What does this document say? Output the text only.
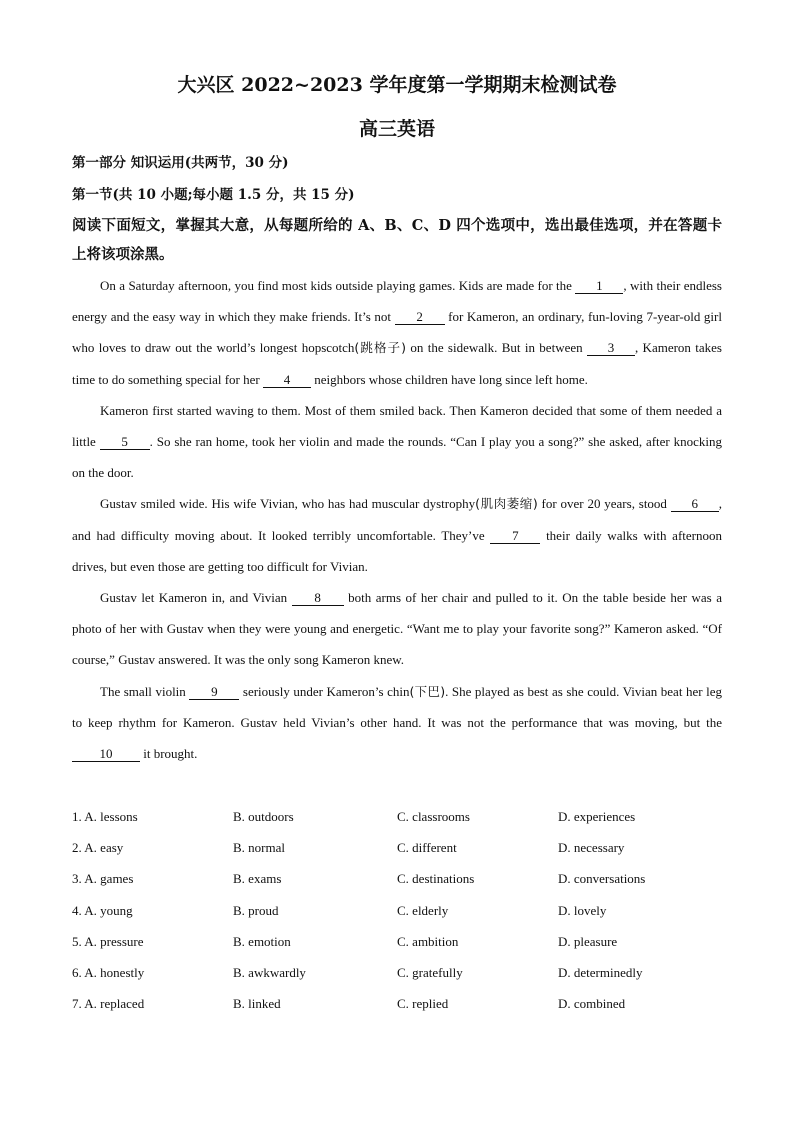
大兴区 2022~2023 学年度第一学期期末检测试卷
高三英语
第一部分 知识运用(共两节，30 分)
第一节(共 10 小题;每小题 1.5 分，共 15 分)
阅读下面短文，掌握其大意，从每题所给的 A、B、C、D 四个选项中，选出最佳选项，并在答题卡上将该项涂黑。

On a Saturday afternoon, you find most kids outside playing games. Kids are made for the 1 , with their endless energy and the easy way in which they make friends. It’s not 2 for Kameron, an ordinary, fun-loving 7-year-old girl who loves to draw out the world’s longest hopscotch(跳格子) on the sidewalk. But in between 3 , Kameron takes time to do something special for her 4 neighbors whose children have long since left home.

Kameron first started waving to them. Most of them smiled back. Then Kameron decided that some of them needed a little 5 . So she ran home, took her violin and made the rounds. “Can I play you a song?” she asked, after knocking on the door.

Gustav smiled wide. His wife Vivian, who has had muscular dystrophy(肌肉萎缩) for over 20 years, stood 6 , and had difficulty moving about. It looked terribly uncomfortable. They’ve 7 their daily walks with afternoon drives, but even those are getting too difficult for Vivian.

Gustav let Kameron in, and Vivian 8 both arms of her chair and pulled to it. On the table beside her was a photo of her with Gustav when they were young and energetic. “Want me to play your favorite song?” Kameron asked. “Of course,” Gustav answered. It was the only song Kameron knew.

The small violin 9 seriously under Kameron’s chin(下巴). She played as best as she could. Vivian beat her leg to keep rhythm for Kameron. Gustav held Vivian’s other hand. It was not the performance that was moving, but the 10 it brought.

1. A. lessons	B. outdoors	C. classrooms	D. experiences
2. A. easy	B. normal	C. different	D. necessary
3. A. games	B. exams	C. destinations	D. conversations
4. A. young	B. proud	C. elderly	D. lovely
5. A. pressure	B. emotion	C. ambition	D. pleasure
6. A. honestly	B. awkwardly	C. gratefully	D. determinedly
7. A. replaced	B. linked	C. replied	D. combined
